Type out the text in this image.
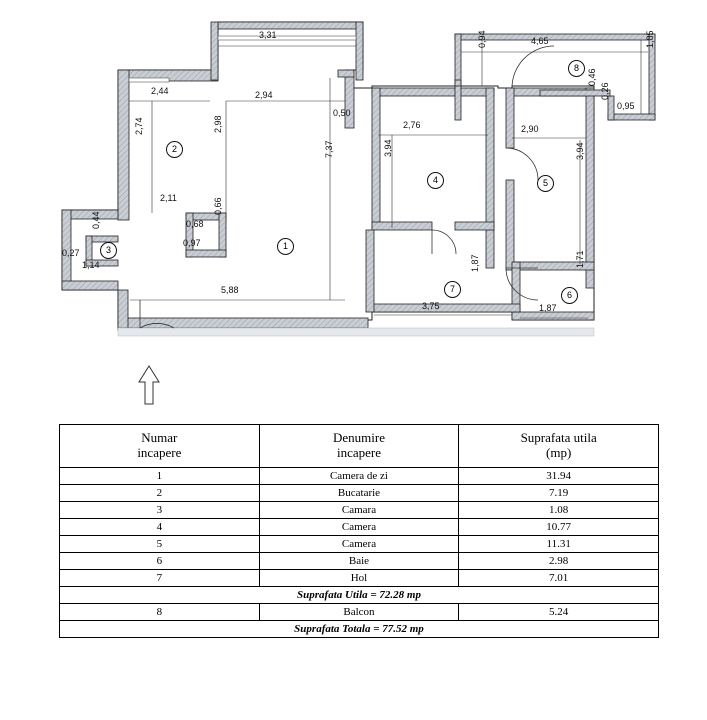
3,31
2,44	2,94
0,50
2,76	2,90
4,65
0,95
2,11
0,68
0,97
1,14
0,27
5,88
3,75	1,87
2,74	2,98
7,37	3,94	3,94
0,94	1,85
0,46
0,26
0,66
0,44
1,87	1,71
1
2
3
4	5
6
7
8
Numar
incapere

Denumire
incapere

Suprafata utila
(mp)

1	Camera de zi	31.94
2	Bucatarie	7.19
3	Camara	1.08
4	Camera	10.77
5	Camera	11.31
6	Baie	2.98
7	Hol	7.01
Suprafata Utila = 72.28 mp		
8	Balcon	5.24
Suprafata Totala = 77.52 mp		
